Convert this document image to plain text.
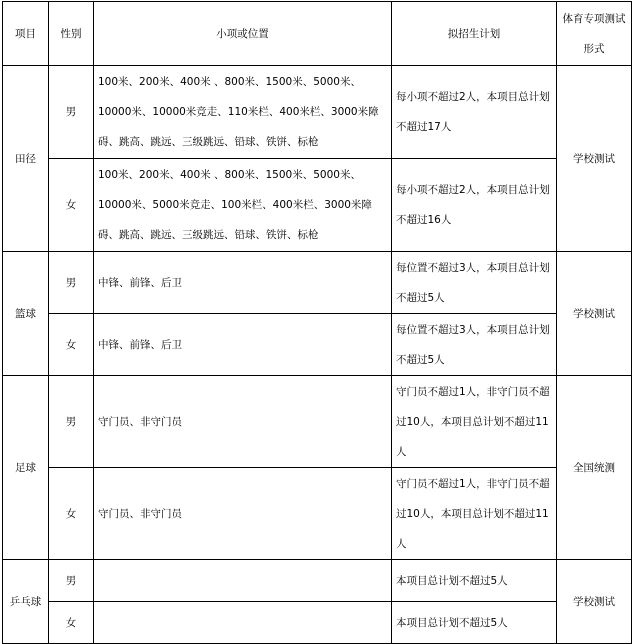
项目	性别	小项或位置	拟招生计划	体育专项测试形式
田径	男	100米、200米、400米 、800米、1500米、5000米、10000米、10000米竞走、110米栏、400米栏、3000米障碍、跳高、跳远、三级跳远、铅球、铁饼、标枪	每小项不超过2人，本项目总计划不超过17人	学校测试
	女	100米、200米、400米 、800米、1500米、5000米、10000米、5000米竞走、100米栏、400米栏、3000米障碍、跳高、跳远、三级跳远、铅球、铁饼、标枪	每小项不超过2人，本项目总计划不超过16人	
篮球	男	中锋、前锋、后卫	每位置不超过3人，本项目总计划不超过5人	学校测试
	女	中锋、前锋、后卫	每位置不超过3人，本项目总计划不超过5人	
足球	男	守门员、非守门员	守门员不超过1人，非守门员不超过10人，本项目总计划不超过11人	全国统测
	女	守门员、非守门员	守门员不超过1人，非守门员不超过10人，本项目总计划不超过11人	
乒乓球	男		本项目总计划不超过5人	学校测试
	女		本项目总计划不超过5人	
